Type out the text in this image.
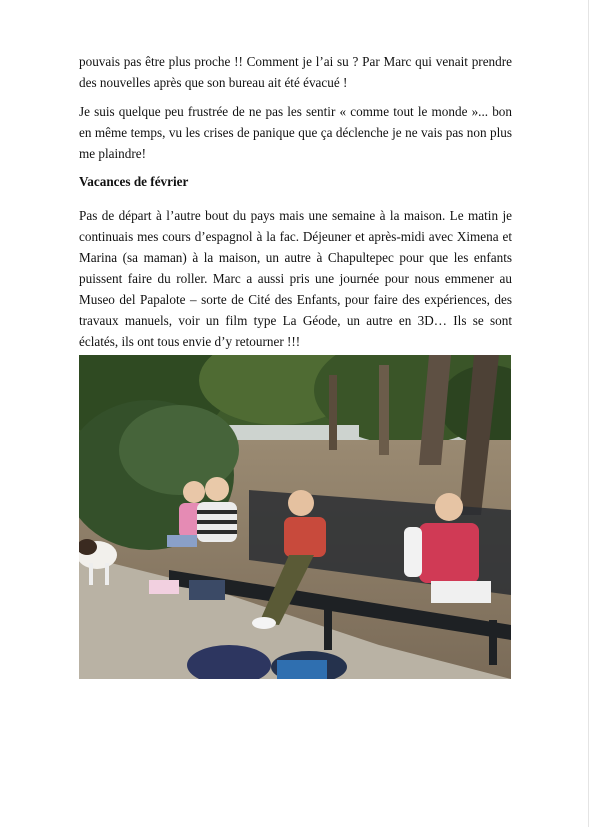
pouvais pas être plus proche !! Comment je l’ai su ? Par Marc qui venait prendre des nouvelles après que son bureau ait été évacué !

Je suis quelque peu frustrée de ne pas les sentir « comme tout le monde »... bon en même temps, vu les crises de panique que ça déclenche je ne vais pas non plus me plaindre!

Vacances de février

Pas de départ à l’autre bout du pays mais une semaine à la maison. Le matin je continuais mes cours d’espagnol à la fac. Déjeuner et après-midi avec Ximena et Marina (sa maman) à la maison, un autre à Chapultepec pour que les enfants puissent faire du roller. Marc a aussi pris une journée pour nous emmener au Museo del Papalote – sorte de Cité des Enfants, pour faire des expériences, des travaux manuels, voir un film type La Géode, un autre en 3D… Ils se sont éclatés, ils ont tous envie d’y retourner !!!
